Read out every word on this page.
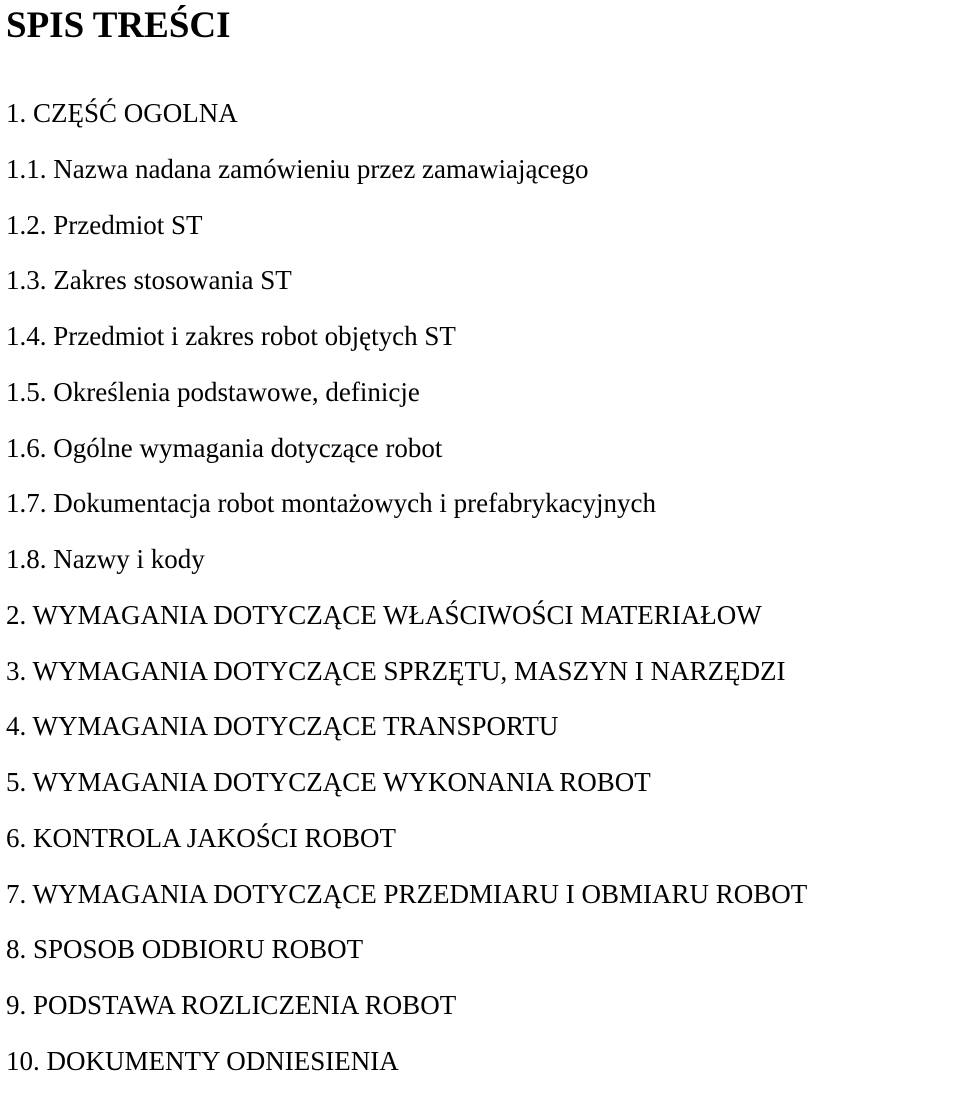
SPIS TREŚCI
1. CZĘŚĆ OGOLNA
1.1. Nazwa nadana zamówieniu przez zamawiającego
1.2. Przedmiot ST
1.3. Zakres stosowania ST
1.4. Przedmiot i zakres robot objętych ST
1.5. Określenia podstawowe, definicje
1.6. Ogólne wymagania dotyczące robot
1.7. Dokumentacja robot montażowych i prefabrykacyjnych
1.8. Nazwy i kody
2. WYMAGANIA DOTYCZĄCE WŁAŚCIWOŚCI MATERIAŁOW
3. WYMAGANIA DOTYCZĄCE SPRZĘTU, MASZYN I NARZĘDZI
4. WYMAGANIA DOTYCZĄCE TRANSPORTU
5. WYMAGANIA DOTYCZĄCE WYKONANIA ROBOT
6. KONTROLA JAKOŚCI ROBOT
7. WYMAGANIA DOTYCZĄCE PRZEDMIARU I OBMIARU ROBOT
8. SPOSOB ODBIORU ROBOT
9. PODSTAWA ROZLICZENIA ROBOT
10. DOKUMENTY ODNIESIENIA
